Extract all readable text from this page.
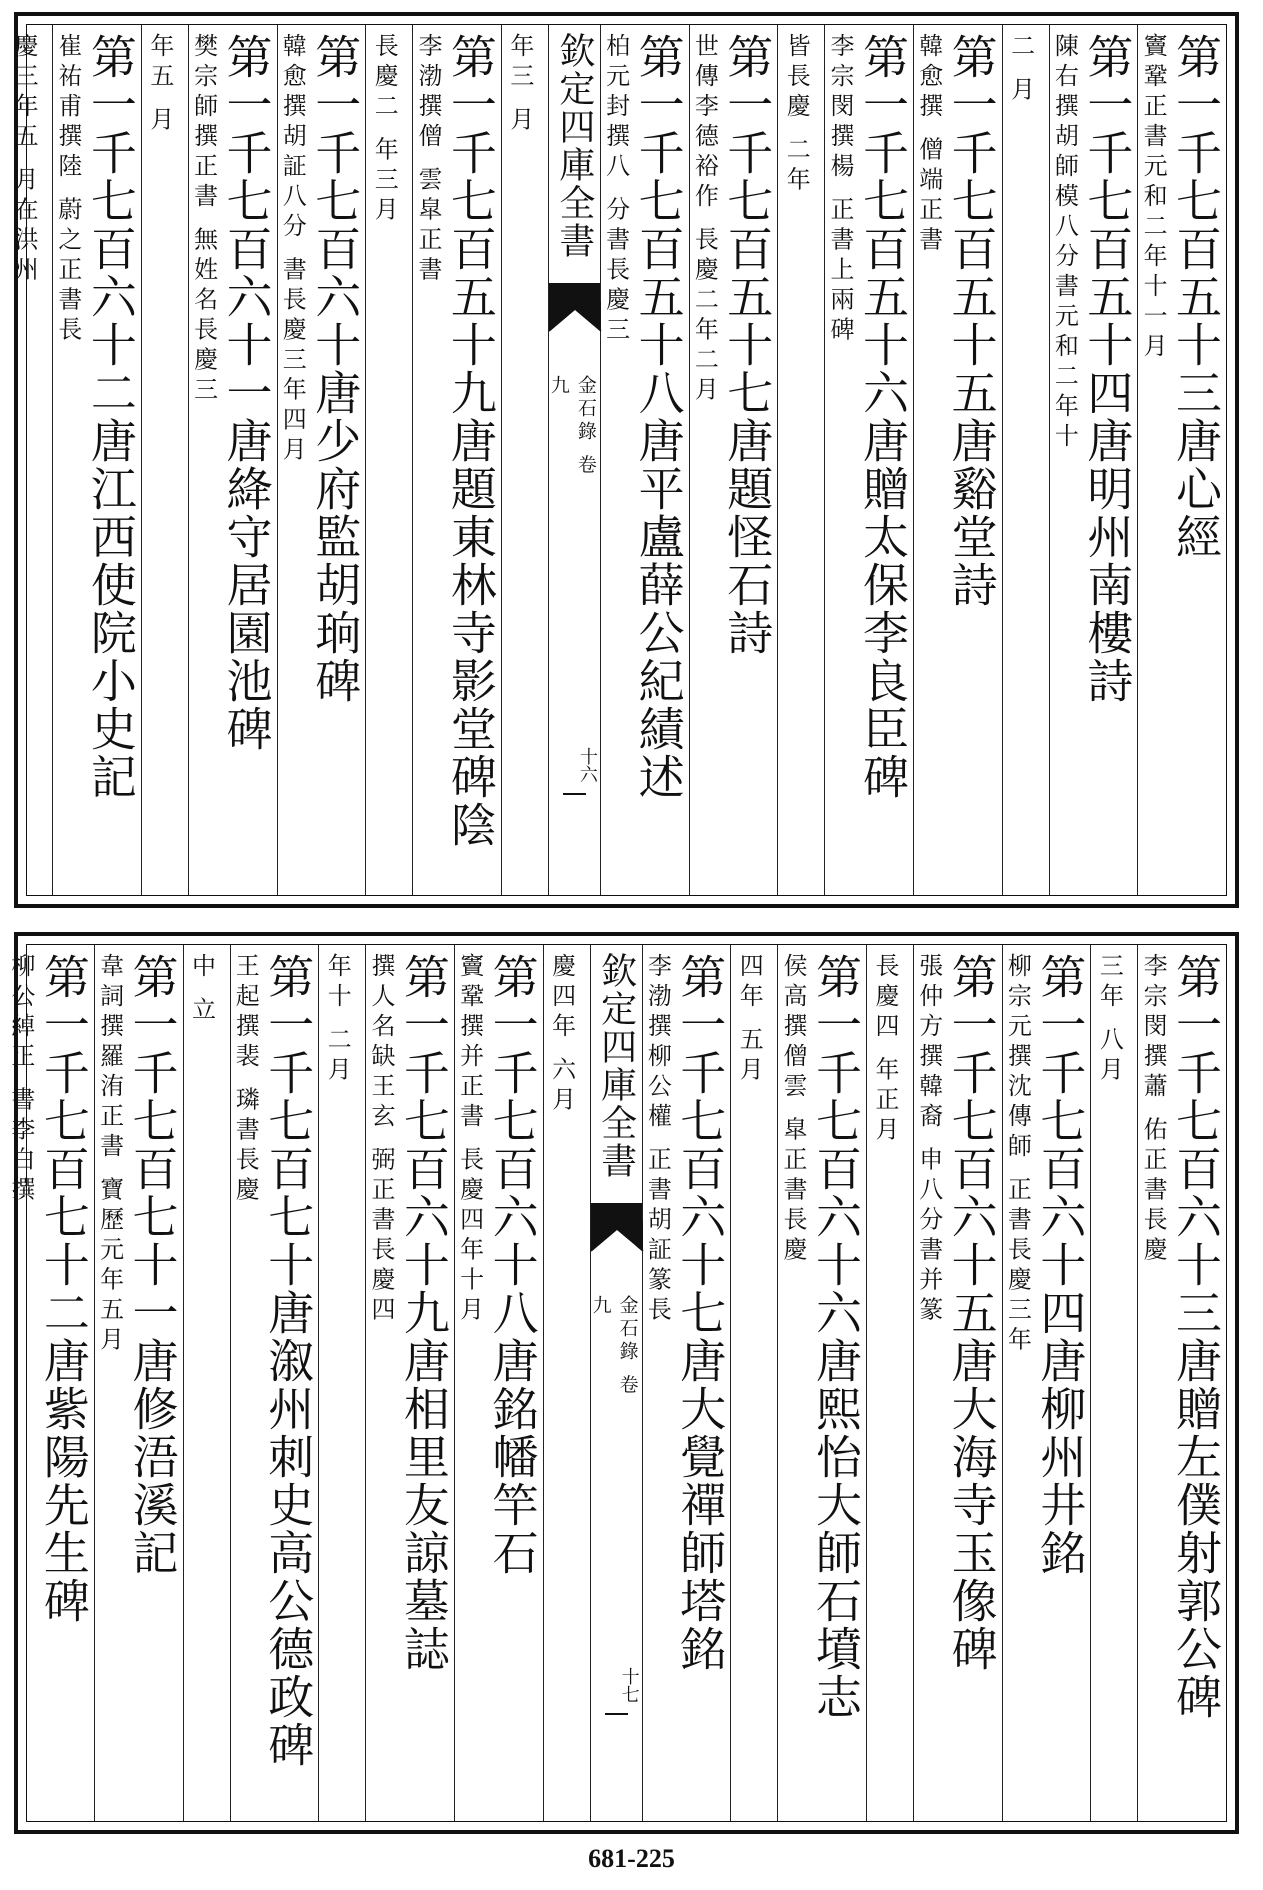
第一千七百五十三唐心經
竇鞏正書元和二年十一月
第一千七百五十四唐明州南樓詩
陳右撰胡師模八分書元和二年十
二 月
第一千七百五十五唐谿堂詩
韓愈撰 僧端正書
第一千七百五十六唐贈太保李良臣碑
李宗閔撰楊 正書上兩碑
皆長慶 二年
第一千七百五十七唐題怪石詩
世傳李德裕作 長慶二年二月
第一千七百五十八唐平盧薛公紀績述
柏元封撰八 分書長慶三
欽定四庫全書
金石錄 卷九
十六
年三 月
第一千七百五十九唐題東林寺影堂碑陰
李渤撰僧 雲皐正書
長慶二 年三月
第一千七百六十唐少府監胡珦碑
韓愈撰胡証八分 書長慶三年四月
第一千七百六十一唐絳守居園池碑
樊宗師撰正書 無姓名長慶三
年五 月
第一千七百六十二唐江西使院小史記
崔祐甫撰陸 蔚之正書長
慶三年五 月在洪州
第一千七百六十三唐贈左僕射郭公碑
李宗閔撰蕭 佑正書長慶
三年 八月
第一千七百六十四唐柳州井銘
柳宗元撰沈傳師 正書長慶三年
第一千七百六十五唐大海寺玉像碑
張仲方撰韓裔 申八分書并篆
長慶四 年正月
第一千七百六十六唐熙怡大師石墳志
侯高撰僧雲 皐正書長慶
四年 五月
第一千七百六十七唐大覺禪師塔銘
李渤撰柳公權 正書胡証篆長
欽定四庫全書
金石錄 卷九
十七
慶四年 六月
第一千七百六十八唐銘幡竿石
竇鞏撰并正書 長慶四年十月
第一千七百六十九唐相里友諒墓誌
撰人名缺王玄 弼正書長慶四
年十 二月
第一千七百七十唐溆州刺史高公德政碑
王起撰裴 璘書長慶
中 立
第一千七百七十一唐修浯溪記
韋詞撰羅洧正書 寶歷元年五月
第一千七百七十二唐紫陽先生碑
柳公綽正 書李白撰
681-225
